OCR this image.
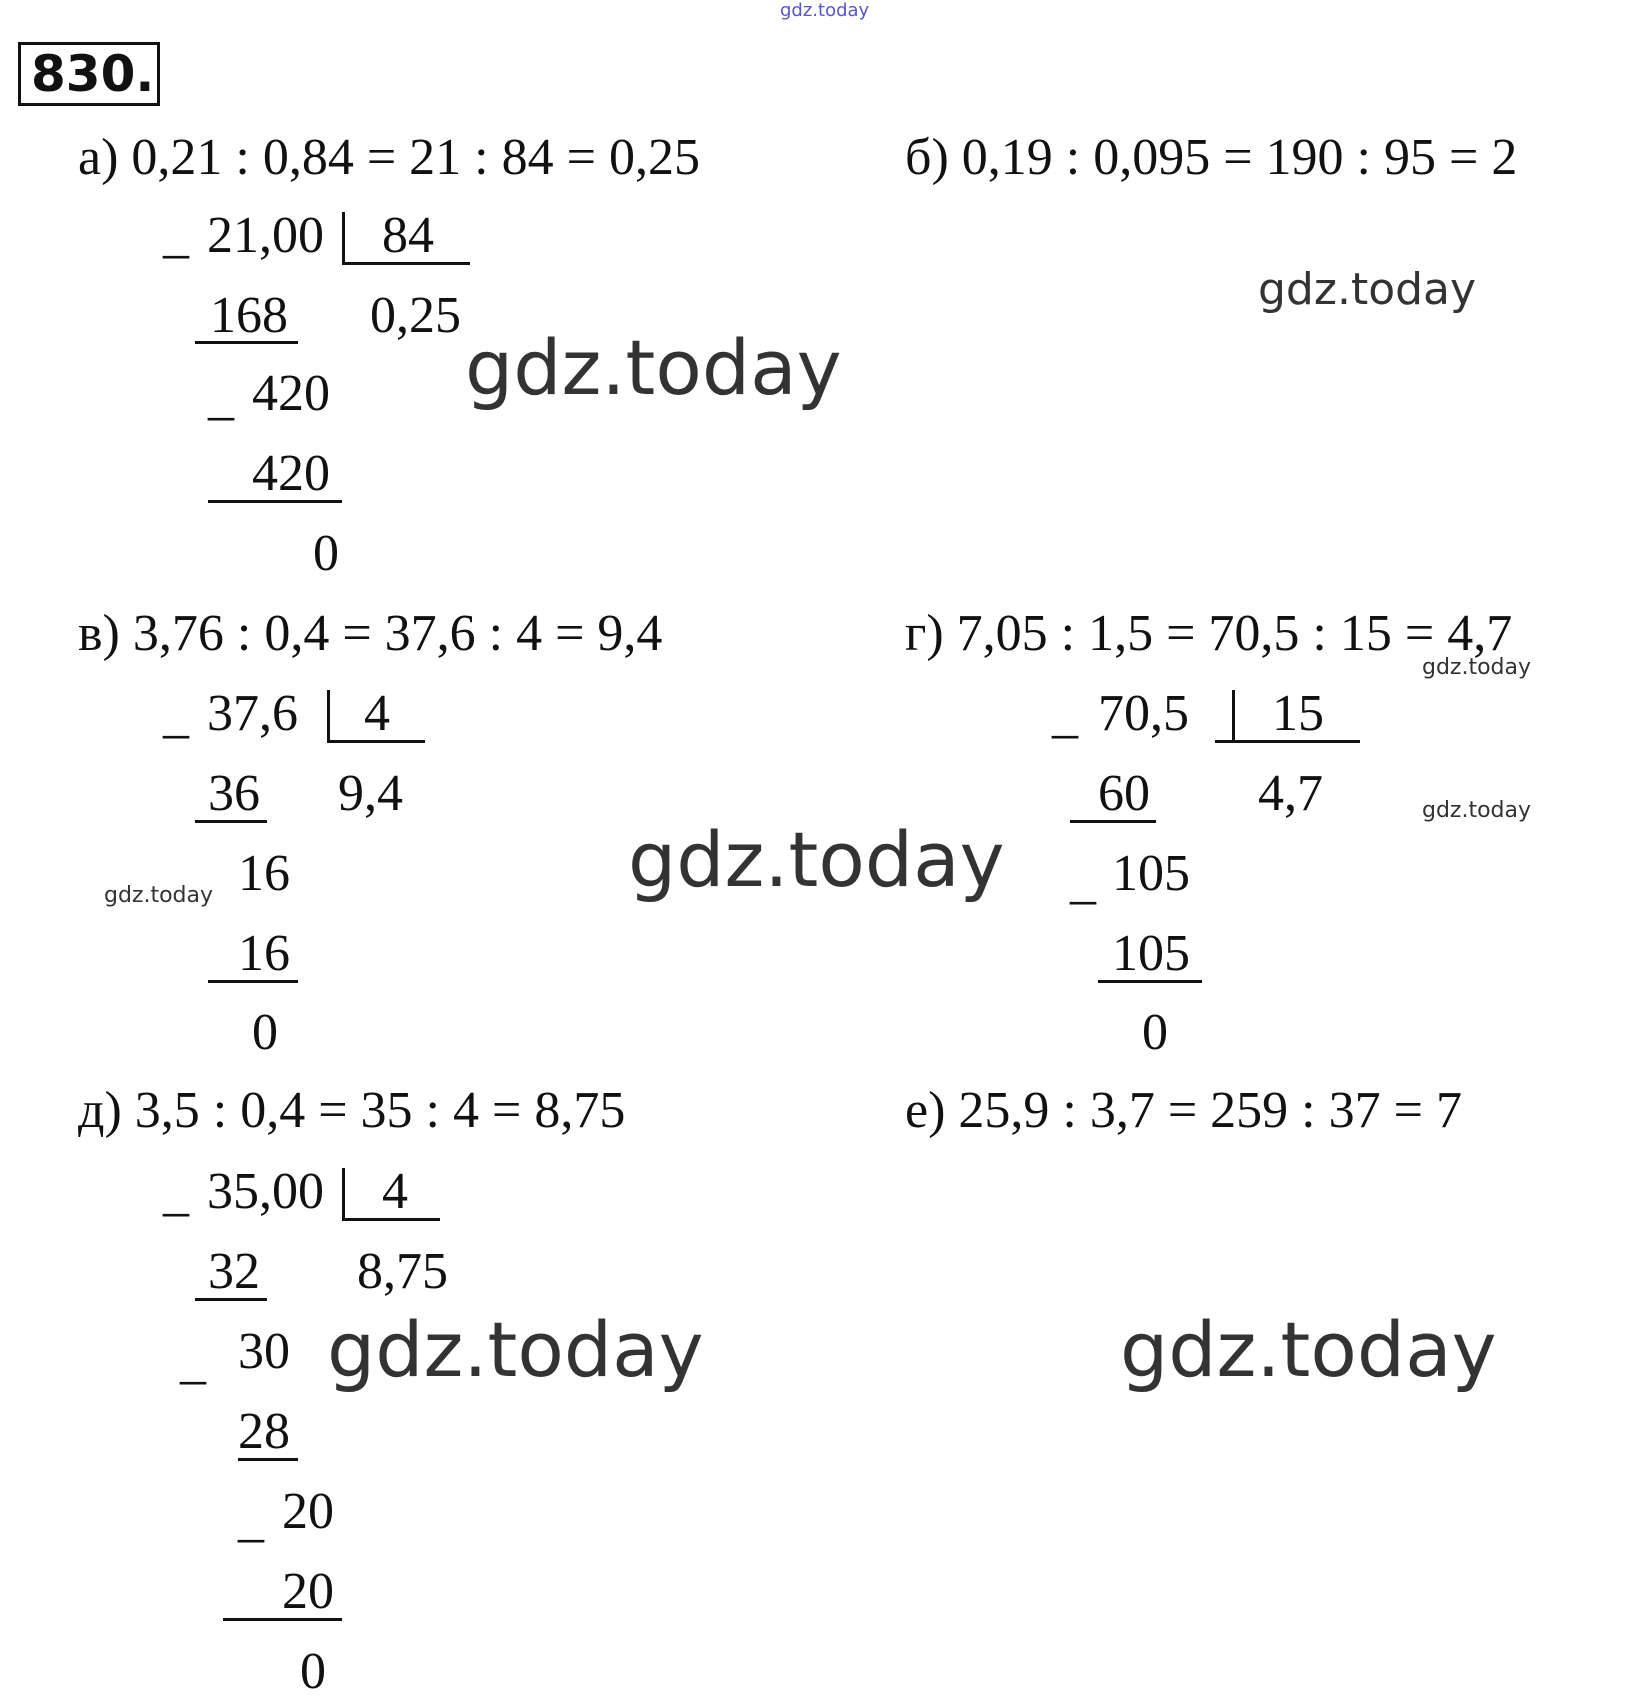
gdz.today
830.
а) 0,21 : 0,84 = 21 : 84 = 0,25
_ 21,00 84
168 0,25
_ 420
420
0
б) 0,19 : 0,095 = 190 : 95 = 2
в) 3,76 : 0,4 = 37,6 : 4 = 9,4
_ 37,6 4
36 9,4
16
16
0
gdz.today
г) 7,05 : 1,5 = 70,5 : 15 = 4,7
gdz.today
_ 70,5 15
60 4,7	gdz.today
_ 105
105
0
д) 3,5 : 0,4 = 35 : 4 = 8,75
_ 35,00 4
32 8,75
_ 30
28
_ 20
20
0
е) 25,9 : 3,7 = 259 : 37 = 7
gdz.today
gdz.today
gdz.today
gdz.today	gdz.today
